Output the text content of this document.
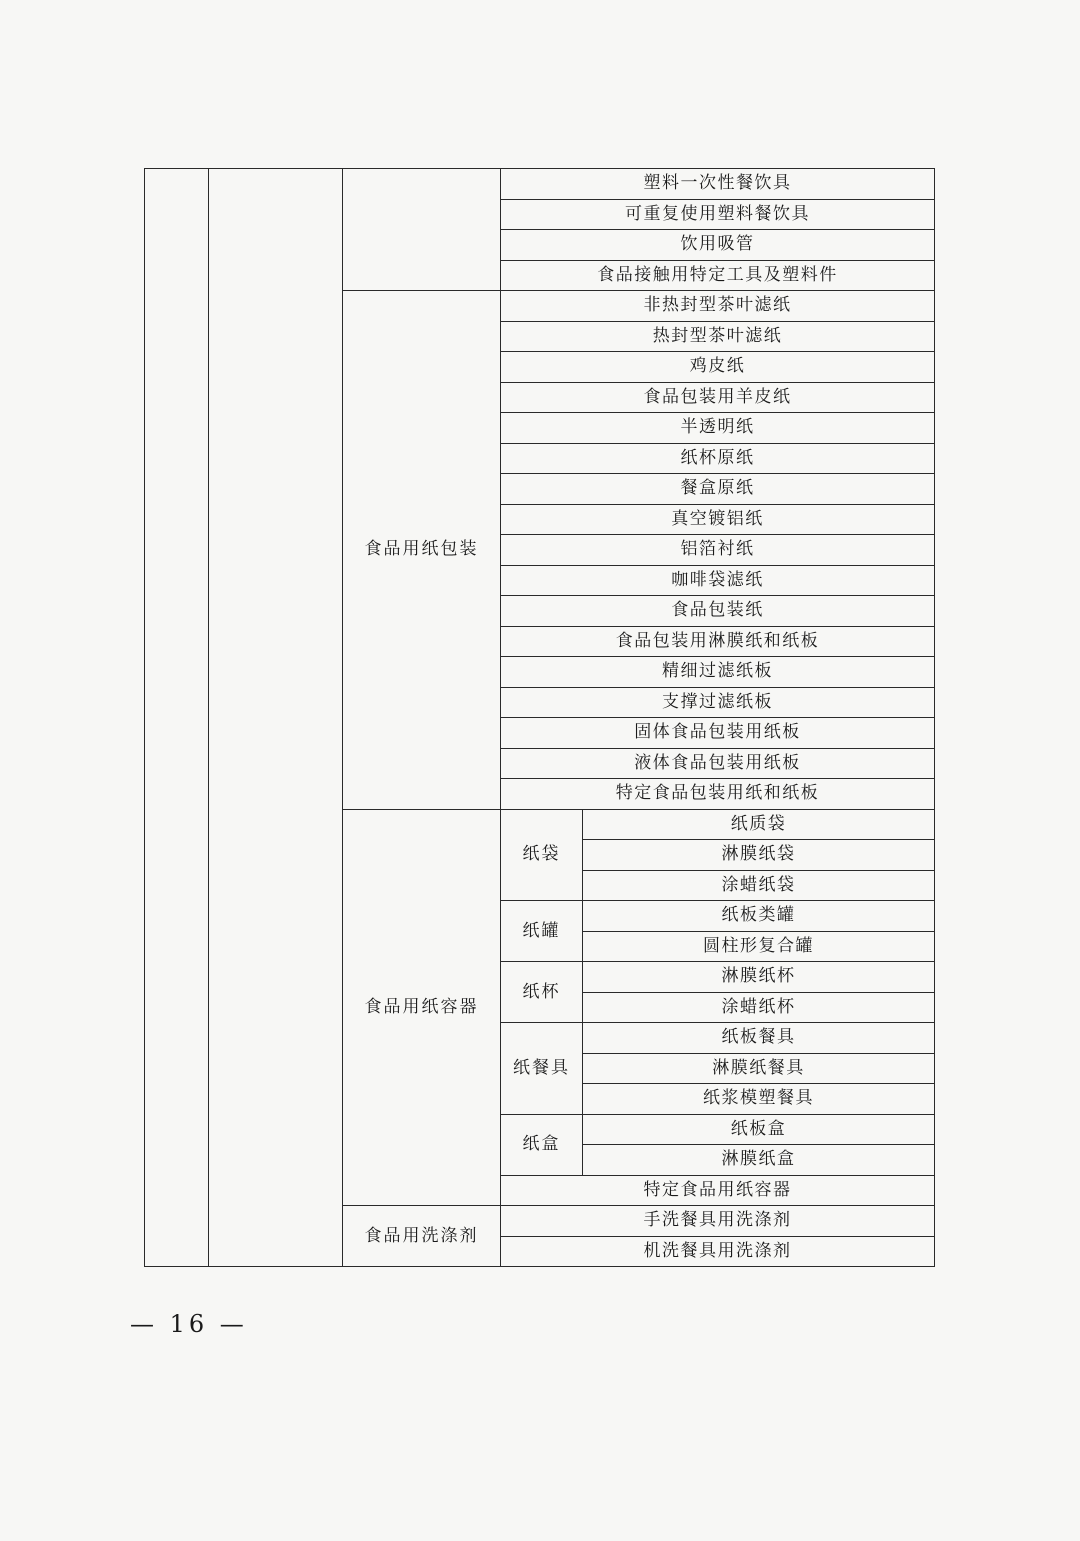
			塑料一次性餐饮具	
			可重复使用塑料餐饮具	
			饮用吸管	
			食品接触用特定工具及塑料件	
		食品用纸包装	非热封型茶叶滤纸	
			热封型茶叶滤纸	
			鸡皮纸	
			食品包装用羊皮纸	
			半透明纸	
			纸杯原纸	
			餐盒原纸	
			真空镀铝纸	
			铝箔衬纸	
			咖啡袋滤纸	
			食品包装纸	
			食品包装用淋膜纸和纸板	
			精细过滤纸板	
			支撑过滤纸板	
			固体食品包装用纸板	
			液体食品包装用纸板	
			特定食品包装用纸和纸板	
		食品用纸容器	纸袋	纸质袋
				淋膜纸袋
				涂蜡纸袋
			纸罐	纸板类罐
				圆柱形复合罐
			纸杯	淋膜纸杯
				涂蜡纸杯
			纸餐具	纸板餐具
				淋膜纸餐具
				纸浆模塑餐具
			纸盒	纸板盒
				淋膜纸盒
			特定食品用纸容器	
		食品用洗涤剂	手洗餐具用洗涤剂	
			机洗餐具用洗涤剂	
— 16 —
